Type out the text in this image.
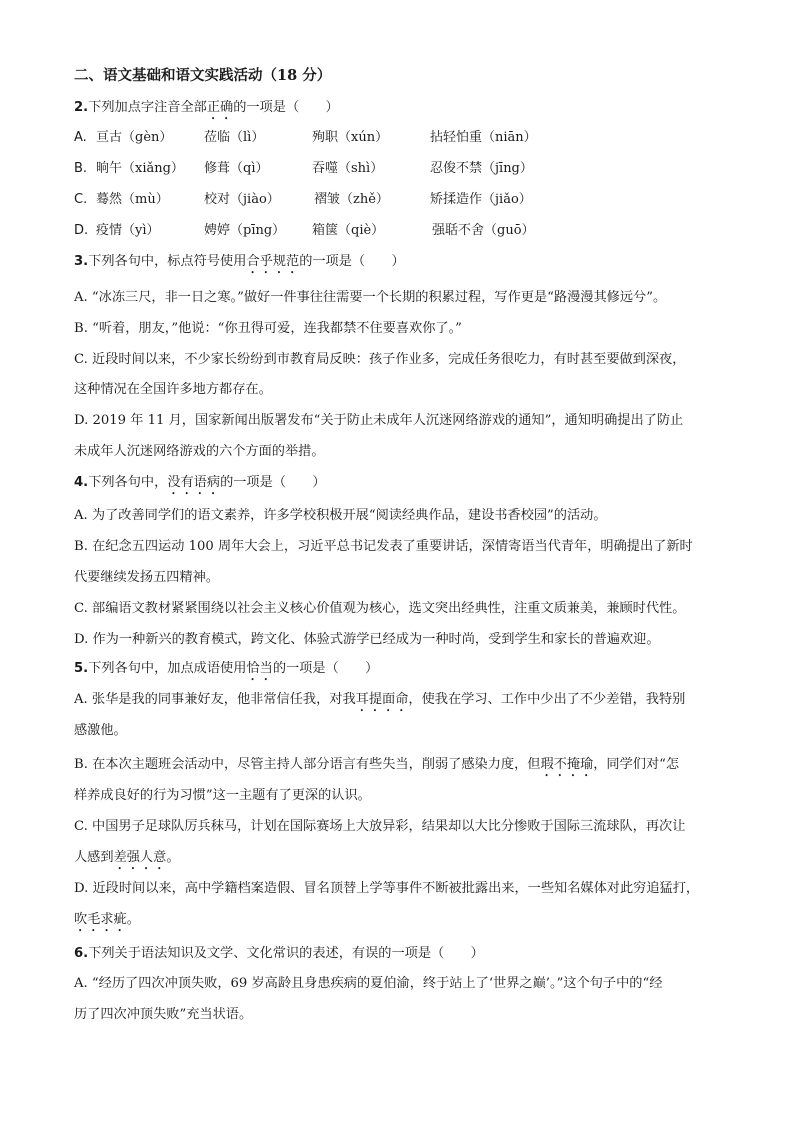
二、语文基础和语文实践活动（18 分）
2.下列加点字注音全部正确的一项是（　　）
A. 亘古（gèn） 莅临（lì）	殉职（xún）	拈轻怕重（niān）
B. 晌午（xiǎng） 修葺（qì）	吞噬（shì）	忍俊不禁（jīng）
C. 蓦然（mù）	校对（jiào）	褶皱（zhě）	矫揉造作（jiǎo）
D. 疫情（yì）	娉婷（pīng） 箱箧（qiè）	强聒不舍（guō）
3.下列各句中，标点符号使用合乎规范的一项是（　　）
A. “冰冻三尺，非一日之寒。”做好一件事往往需要一个长期的积累过程，写作更是“路漫漫其修远兮”。
B. “听着，朋友，”他说：“你丑得可爱，连我都禁不住要喜欢你了。”
C. 近段时间以来，不少家长纷纷到市教育局反映：孩子作业多，完成任务很吃力，有时甚至要做到深夜，
这种情况在全国许多地方都存在。
D. 2019 年 11 月，国家新闻出版署发布“关于防止未成年人沉迷网络游戏的通知”，通知明确提出了防止
未成年人沉迷网络游戏的六个方面的举措。
4.下列各句中，没有语病的一项是（　　）
A. 为了改善同学们的语文素养，许多学校积极开展“阅读经典作品，建设书香校园”的活动。
B. 在纪念五四运动 100 周年大会上，习近平总书记发表了重要讲话，深情寄语当代青年，明确提出了新时
代要继续发扬五四精神。
C. 部编语文教材紧紧围绕以社会主义核心价值观为核心，选文突出经典性，注重文质兼美，兼顾时代性。
D. 作为一种新兴的教育模式，跨文化、体验式游学已经成为一种时尚，受到学生和家长的普遍欢迎。
5.下列各句中，加点成语使用恰当的一项是（　　）
A. 张华是我的同事兼好友，他非常信任我，对我耳提面命，使我在学习、工作中少出了不少差错，我特别
感激他。
B. 在本次主题班会活动中，尽管主持人部分语言有些失当，削弱了感染力度，但瑕不掩瑜，同学们对“怎
样养成良好的行为习惯”这一主题有了更深的认识。
C. 中国男子足球队厉兵秣马，计划在国际赛场上大放异彩，结果却以大比分惨败于国际三流球队，再次让
人感到差强人意。
D. 近段时间以来，高中学籍档案造假、冒名顶替上学等事件不断被批露出来，一些知名媒体对此穷追猛打，
吹毛求疵。
6.下列关于语法知识及文学、文化常识的表述，有误的一项是（　　）
A. “经历了四次冲顶失败，69 岁高龄且身患疾病的夏伯渝，终于站上了‘世界之巅’。”这个句子中的“经
历了四次冲顶失败”充当状语。
